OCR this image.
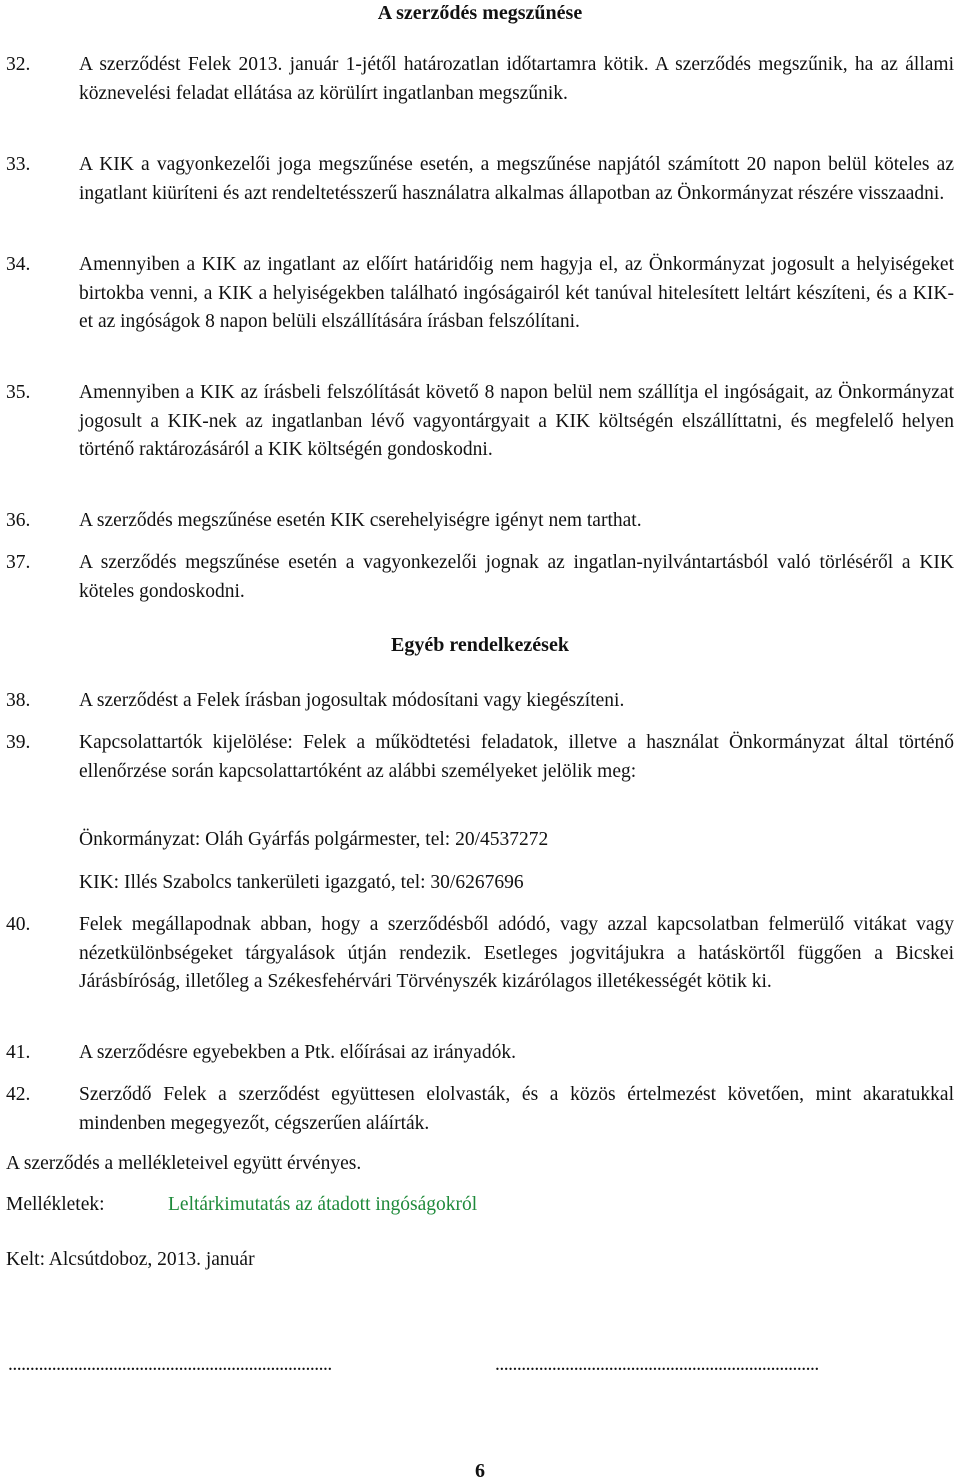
A szerződés megszűnése
32. A szerződést Felek 2013. január 1-jétől határozatlan időtartamra kötik. A szerződés megszűnik, ha az állami köznevelési feladat ellátása az körülírt ingatlanban megszűnik.
33. A KIK a vagyonkezelői joga megszűnése esetén, a megszűnése napjától számított 20 napon belül köteles az ingatlant kiüríteni és azt rendeltetésszerű használatra alkalmas állapotban az Önkormányzat részére visszaadni.
34. Amennyiben a KIK az ingatlant az előírt határidőig nem hagyja el, az Önkormányzat jogosult a helyiségeket birtokba venni, a KIK a helyiségekben található ingóságairól két tanúval hitelesített leltárt készíteni, és a KIK-et az ingóságok 8 napon belüli elszállítására írásban felszólítani.
35. Amennyiben a KIK az írásbeli felszólítását követő 8 napon belül nem szállítja el ingóságait, az Önkormányzat jogosult a KIK-nek az ingatlanban lévő vagyontárgyait a KIK költségén elszállíttatni, és megfelelő helyen történő raktározásáról a KIK költségén gondoskodni.
36. A szerződés megszűnése esetén KIK cserehelyiségre igényt nem tarthat.
37. A szerződés megszűnése esetén a vagyonkezelői jognak az ingatlan-nyilvántartásból való törléséről a KIK köteles gondoskodni.
Egyéb rendelkezések
38. A szerződést a Felek írásban jogosultak módosítani vagy kiegészíteni.
39. Kapcsolattartók kijelölése: Felek a működtetési feladatok, illetve a használat Önkormányzat által történő ellenőrzése során kapcsolattartóként az alábbi személyeket jelölik meg:
Önkormányzat: Oláh Gyárfás polgármester, tel: 20/4537272
KIK: Illés Szabolcs tankerületi igazgató, tel: 30/6267696
40. Felek megállapodnak abban, hogy a szerződésből adódó, vagy azzal kapcsolatban felmerülő vitákat vagy nézetkülönbségeket tárgyalások útján rendezik. Esetleges jogvitájukra a hatáskörtől függően a Bicskei Járásbíróság, illetőleg a Székesfehérvári Törvényszék kizárólagos illetékességét kötik ki.
41. A szerződésre egyebekben a Ptk. előírásai az irányadók.
42. Szerződő Felek a szerződést együttesen elolvasták, és a közös értelmezést követően, mint akaratukkal mindenben megegyezőt, cégszerűen aláírták.
A szerződés a mellékleteivel együtt érvényes.
Mellékletek:	Leltárkimutatás az átadott ingóságokról
Kelt: Alcsútdoboz, 2013. január
..........................................................................	..........................................................................
6
